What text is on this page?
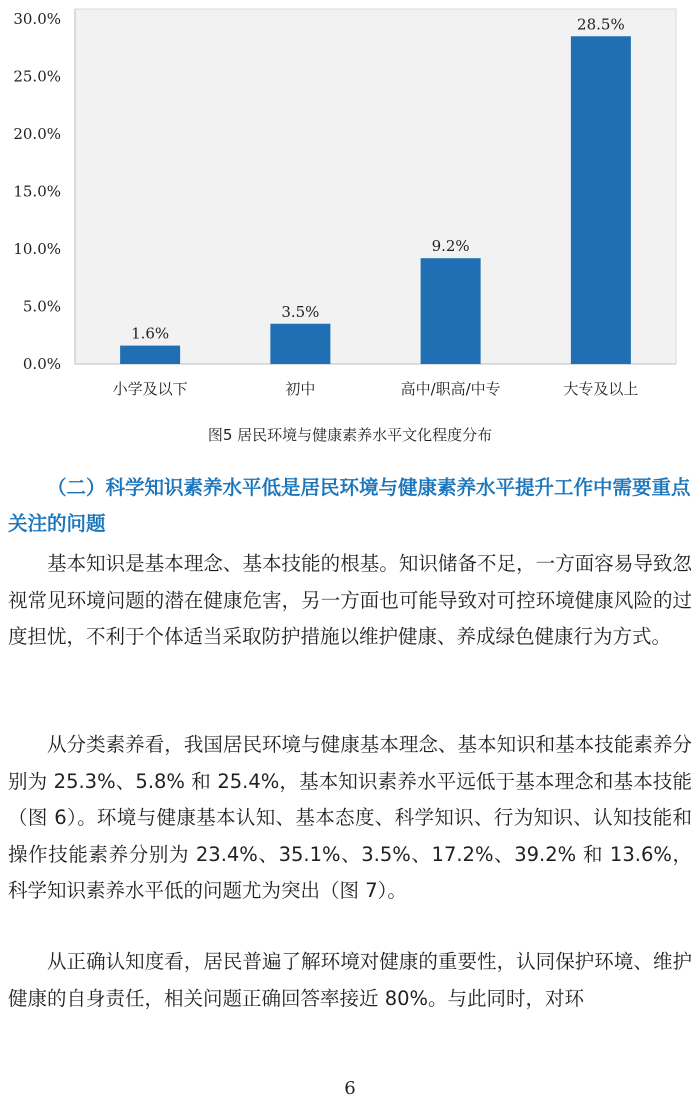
0.0%
5.0%
10.0%
15.0%
20.0%
25.0%
30.0%
1.6%
3.5%
9.2%
28.5%
小学及以下	初中	高中/职高/中专	大专及以上
图5 居民环境与健康素养水平文化程度分布
（二）科学知识素养水平低是居民环境与健康素养水平提升工作中需要重点关注的问题

基本知识是基本理念、基本技能的根基。知识储备不足，一方面容易导致忽视常见环境问题的潜在健康危害，另一方面也可能导致对可控环境健康风险的过度担忧，不利于个体适当采取防护措施以维护健康、养成绿色健康行为方式。

从分类素养看，我国居民环境与健康基本理念、基本知识和基本技能素养分别为 25.3%、5.8% 和 25.4%，基本知识素养水平远低于基本理念和基本技能（图 6）。环境与健康基本认知、基本态度、科学知识、行为知识、认知技能和操作技能素养分别为 23.4%、35.1%、3.5%、17.2%、39.2% 和 13.6%，科学知识素养水平低的问题尤为突出（图 7）。

从正确认知度看，居民普遍了解环境对健康的重要性，认同保护环境、维护健康的自身责任，相关问题正确回答率接近 80%。与此同时，对环

6
